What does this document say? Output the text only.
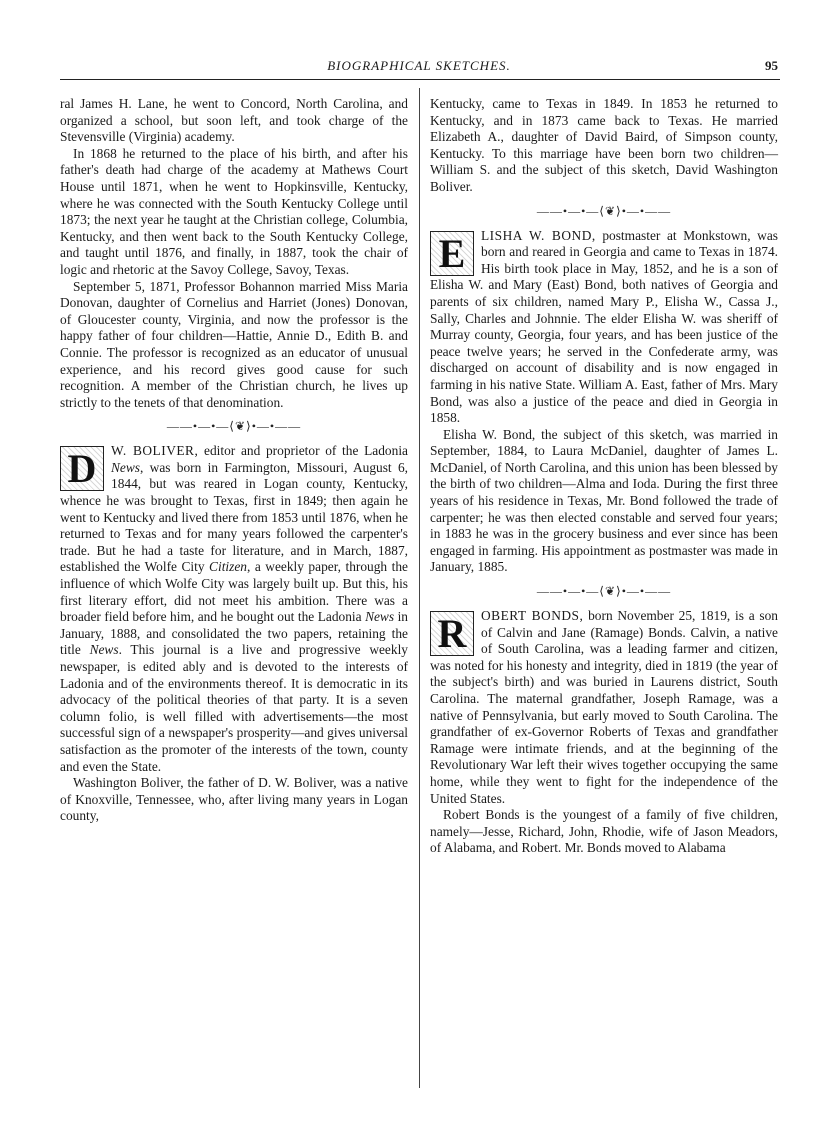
BIOGRAPHICAL SKETCHES.	95

ral James H. Lane, he went to Concord, North Carolina, and organized a school, but soon left, and took charge of the Stevensville (Virginia) academy.

In 1868 he returned to the place of his birth, and after his father's death had charge of the academy at Mathews Court House until 1871, when he went to Hopkinsville, Kentucky, where he was connected with the South Kentucky College until 1873; the next year he taught at the Christian college, Columbia, Kentucky, and then went back to the South Kentucky College, and taught until 1876, and finally, in 1887, took the chair of logic and rhetoric at the Savoy College, Savoy, Texas.

September 5, 1871, Professor Bohannon married Miss Maria Donovan, daughter of Cornelius and Harriet (Jones) Donovan, of Gloucester county, Virginia, and now the professor is the happy father of four children—Hattie, Annie D., Edith B. and Connie. The professor is recognized as an educator of unusual experience, and his record gives good cause for such recognition. A member of the Christian church, he lives up strictly to the tenets of that denomination.

——•—•—⟨❦⟩•—•——

D	W. BOLIVER, editor and proprietor of the Ladonia News, was born in Farmington, Missouri, August 6, 1844, but was reared in Logan county, Kentucky, whence he was brought to Texas, first in 1849; then again he went to Kentucky and lived there from 1853 until 1876, when he returned to Texas and for many years followed the carpenter's trade. But he had a taste for literature, and in March, 1887, established the Wolfe City Citizen, a weekly paper, through the influence of which Wolfe City was largely built up. But this, his first literary effort, did not meet his ambition. There was a broader field before him, and he bought out the Ladonia News in January, 1888, and consolidated the two papers, retaining the title News. This journal is a live and progressive weekly newspaper, is edited ably and is devoted to the interests of Ladonia and of the environments thereof. It is democratic in its advocacy of the political theories of that party. It is a seven column folio, is well filled with advertisements—the most successful sign of a newspaper's prosperity—and gives universal satisfaction as the promoter of the interests of the town, county and even the State.

Washington Boliver, the father of D. W. Boliver, was a native of Knoxville, Tennessee, who, after living many years in Logan county,

Kentucky, came to Texas in 1849. In 1853 he returned to Kentucky, and in 1873 came back to Texas. He married Elizabeth A., daughter of David Baird, of Simpson county, Kentucky. To this marriage have been born two children—William S. and the subject of this sketch, David Washington Boliver.

——•—•—⟨❦⟩•—•——

E	LISHA W. BOND, postmaster at Monkstown, was born and reared in Georgia and came to Texas in 1874. His birth took place in May, 1852, and he is a son of Elisha W. and Mary (East) Bond, both natives of Georgia and parents of six children, named Mary P., Elisha W., Cassa J., Sally, Charles and Johnnie. The elder Elisha W. was sheriff of Murray county, Georgia, four years, and has been justice of the peace twelve years; he served in the Confederate army, was discharged on account of disability and is now engaged in farming in his native State. William A. East, father of Mrs. Mary Bond, was also a justice of the peace and died in Georgia in 1858.

Elisha W. Bond, the subject of this sketch, was married in September, 1884, to Laura McDaniel, daughter of James L. McDaniel, of North Carolina, and this union has been blessed by the birth of two children—Alma and Ioda. During the first three years of his residence in Texas, Mr. Bond followed the trade of carpenter; he was then elected constable and served four years; in 1883 he was in the grocery business and ever since has been engaged in farming. His appointment as postmaster was made in January, 1885.

——•—•—⟨❦⟩•—•——

R	OBERT BONDS, born November 25, 1819, is a son of Calvin and Jane (Ramage) Bonds. Calvin, a native of South Carolina, was a leading farmer and citizen, was noted for his honesty and integrity, died in 1819 (the year of the subject's birth) and was buried in Laurens district, South Carolina. The maternal grandfather, Joseph Ramage, was a native of Pennsylvania, but early moved to South Carolina. The grandfather of ex-Governor Roberts of Texas and grandfather Ramage were intimate friends, and at the beginning of the Revolutionary War left their wives together occupying the same home, while they went to fight for the independence of the United States.

Robert Bonds is the youngest of a family of five children, namely—Jesse, Richard, John, Rhodie, wife of Jason Meadors, of Alabama, and Robert. Mr. Bonds moved to Alabama
